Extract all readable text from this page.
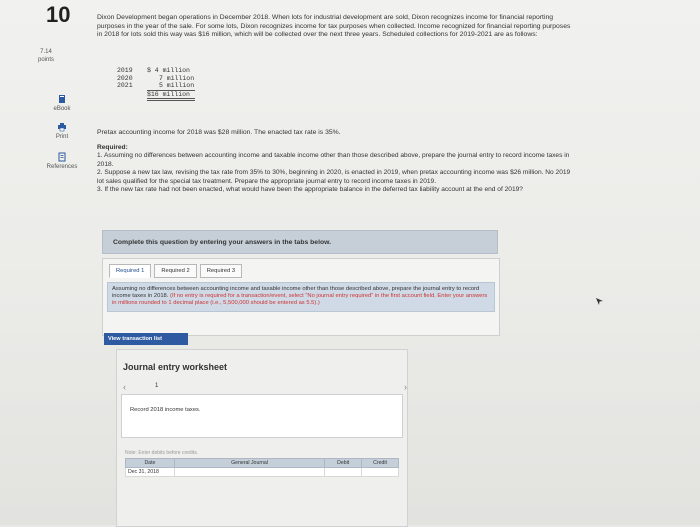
10
7.14
points
eBook
Print
References
Dixon Development began operations in December 2018. When lots for industrial development are sold, Dixon recognizes income for financial reporting purposes in the year of the sale. For some lots, Dixon recognizes income for tax purposes when collected. Income recognized for financial reporting purposes in 2018 for lots sold this way was $16 million, which will be collected over the next three years. Scheduled collections for 2019-2021 are as follows:
2019	$ 4 million
2020	7 million
2021	5 million
$16 million
Pretax accounting income for 2018 was $28 million. The enacted tax rate is 35%.
Required:
1. Assuming no differences between accounting income and taxable income other than those described above, prepare the journal entry to record income taxes in 2018.
2. Suppose a new tax law, revising the tax rate from 35% to 30%, beginning in 2020, is enacted in 2019, when pretax accounting income was $26 million. No 2019 lot sales qualified for the special tax treatment. Prepare the appropriate journal entry to record income taxes in 2019.
3. If the new tax rate had not been enacted, what would have been the appropriate balance in the deferred tax liability account at the end of 2019?
Complete this question by entering your answers in the tabs below.
Required 1	Required 2	Required 3
Assuming no differences between accounting income and taxable income other than those described above, prepare the journal entry to record income taxes in 2018. (If no entry is required for a transaction/event, select "No journal entry required" in the first account field. Enter your answers in millions rounded to 1 decimal place (i.e., 5,500,000 should be entered as 5.5).)
View transaction list
Journal entry worksheet
‹	1	›
Record 2018 income taxes.
Note: Enter debits before credits.
Date	General Journal	Debit	Credit
Dec 31, 2018			
